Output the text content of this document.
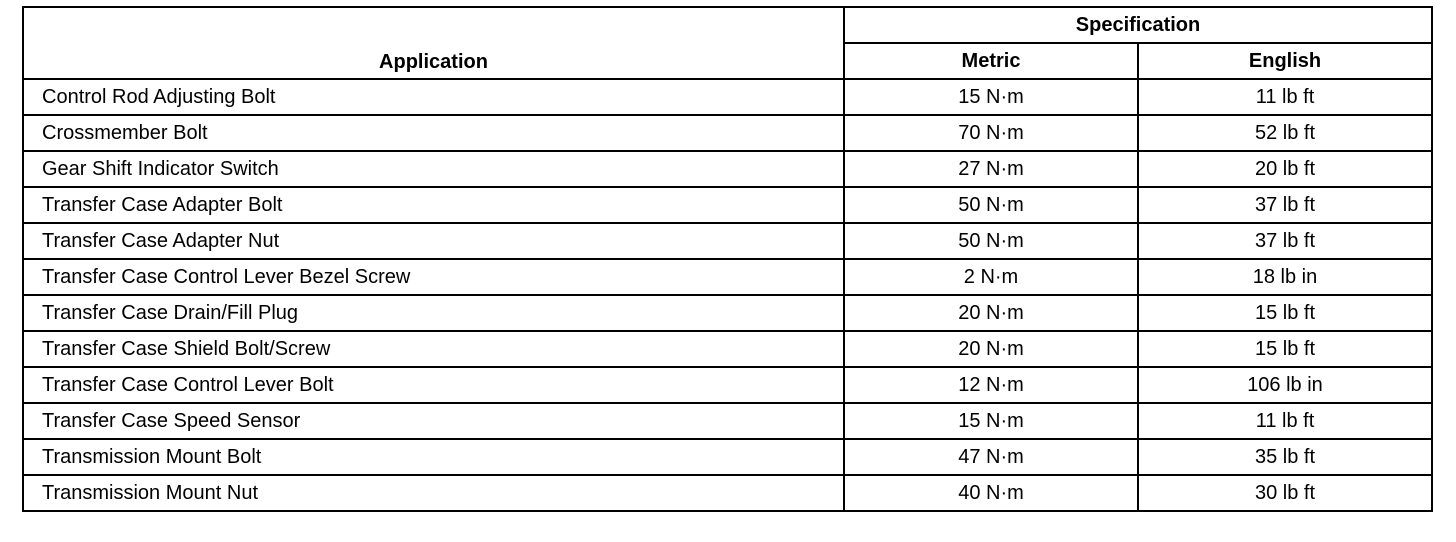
Application	Specification	
	Metric	English
Control Rod Adjusting Bolt	15 N·m	11 lb ft
Crossmember Bolt	70 N·m	52 lb ft
Gear Shift Indicator Switch	27 N·m	20 lb ft
Transfer Case Adapter Bolt	50 N·m	37 lb ft
Transfer Case Adapter Nut	50 N·m	37 lb ft
Transfer Case Control Lever Bezel Screw	2 N·m	18 lb in
Transfer Case Drain/Fill Plug	20 N·m	15 lb ft
Transfer Case Shield Bolt/Screw	20 N·m	15 lb ft
Transfer Case Control Lever Bolt	12 N·m	106 lb in
Transfer Case Speed Sensor	15 N·m	11 lb ft
Transmission Mount Bolt	47 N·m	35 lb ft
Transmission Mount Nut	40 N·m	30 lb ft
